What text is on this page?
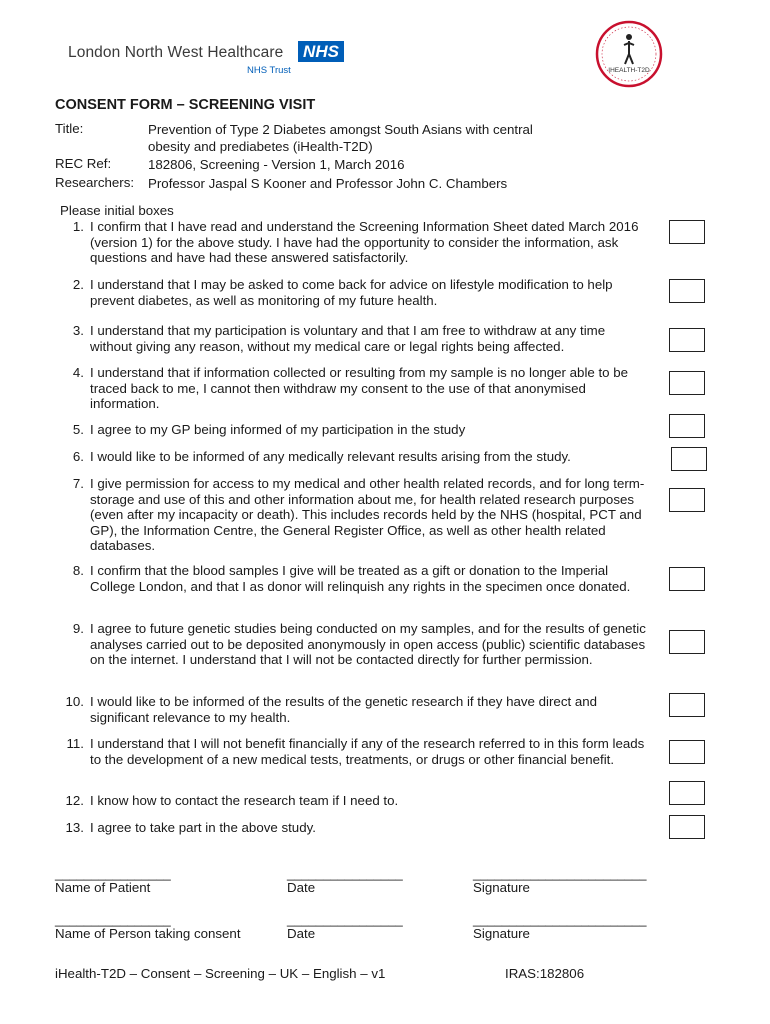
London North West Healthcare NHS
NHS Trust	IHEALTH-T2D
CONSENT FORM – SCREENING VISIT
Title:	Prevention of Type 2 Diabetes amongst South Asians with central
obesity and prediabetes (iHealth-T2D)
REC Ref:	182806, Screening - Version 1, March 2016
Researchers: Professor Jaspal S Kooner and Professor John C. Chambers
Please initial boxes
1. I confirm that I have read and understand the Screening Information Sheet dated March 2016 (version 1) for the above study. I have had the opportunity to consider the information, ask questions and have had these answered satisfactorily.
2. I understand that I may be asked to come back for advice on lifestyle modification to help prevent diabetes, as well as monitoring of my future health.
3. I understand that my participation is voluntary and that I am free to withdraw at any time without giving any reason, without my medical care or legal rights being affected.
4. I understand that if information collected or resulting from my sample is no longer able to be traced back to me, I cannot then withdraw my consent to the use of that anonymised information.
5. I agree to my GP being informed of my participation in the study
6. I would like to be informed of any medically relevant results arising from the study.
7. I give permission for access to my medical and other health related records, and for long term-storage and use of this and other information about me, for health related research purposes (even after my incapacity or death). This includes records held by the NHS (hospital, PCT and GP), the Information Centre, the General Register Office, as well as other health related databases.
8. I confirm that the blood samples I give will be treated as a gift or donation to the Imperial College London, and that I as donor will relinquish any rights in the specimen once donated.
9. I agree to future genetic studies being conducted on my samples, and for the results of genetic analyses carried out to be deposited anonymously in open access (public) scientific databases on the internet. I understand that I will not be contacted directly for further permission.
10. I would like to be informed of the results of the genetic research if they have direct and significant relevance to my health.
11. I understand that I will not benefit financially if any of the research referred to in this form leads to the development of a new medical tests, treatments, or drugs or other financial benefit.
12. I know how to contact the research team if I need to.
13. I agree to take part in the above study.
________________	________________	________________________
Name of Patient	Date	Signature
________________	________________	________________________
Name of Person taking consent	Date	Signature
iHealth-T2D – Consent – Screening – UK – English – v1	IRAS:182806
